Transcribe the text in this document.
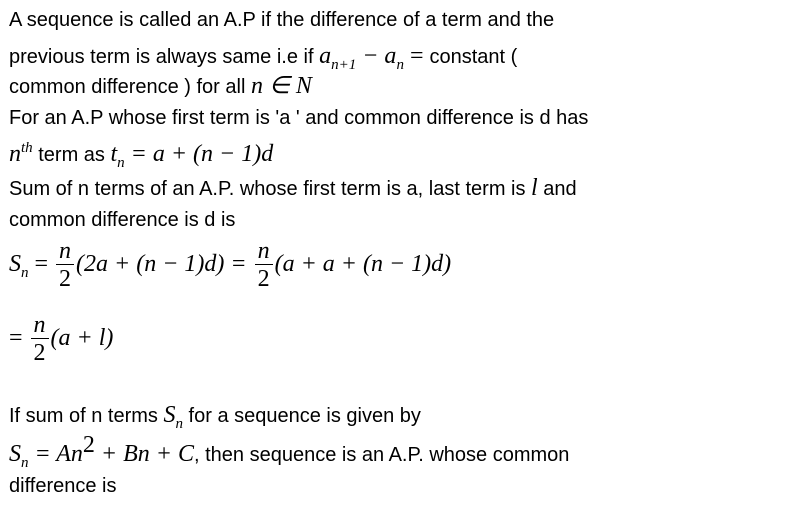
A sequence is called an A.P if the difference of a term and the
previous term is always same i.e if $a_{n+1} - a_n$ = constant (
common difference ) for all n ∈ N
For an A.P whose first term is 'a ' and common difference is d has
$n^{th}$ term as $t_n = a + (n - 1)d$
Sum of n terms of an A.P. whose first term is a, last term is l and
common difference is d is
$S_n = \frac{n}{2} (2a + (n - 1)d) = \frac{n}{2} (a + a + (n - 1)d)$
= $\frac{n}{2} (a + l)$
If sum of n terms $S_n$ for a sequence is given by
$S_n = An^2 + Bn + C$, then sequence is an A.P. whose common
difference is
